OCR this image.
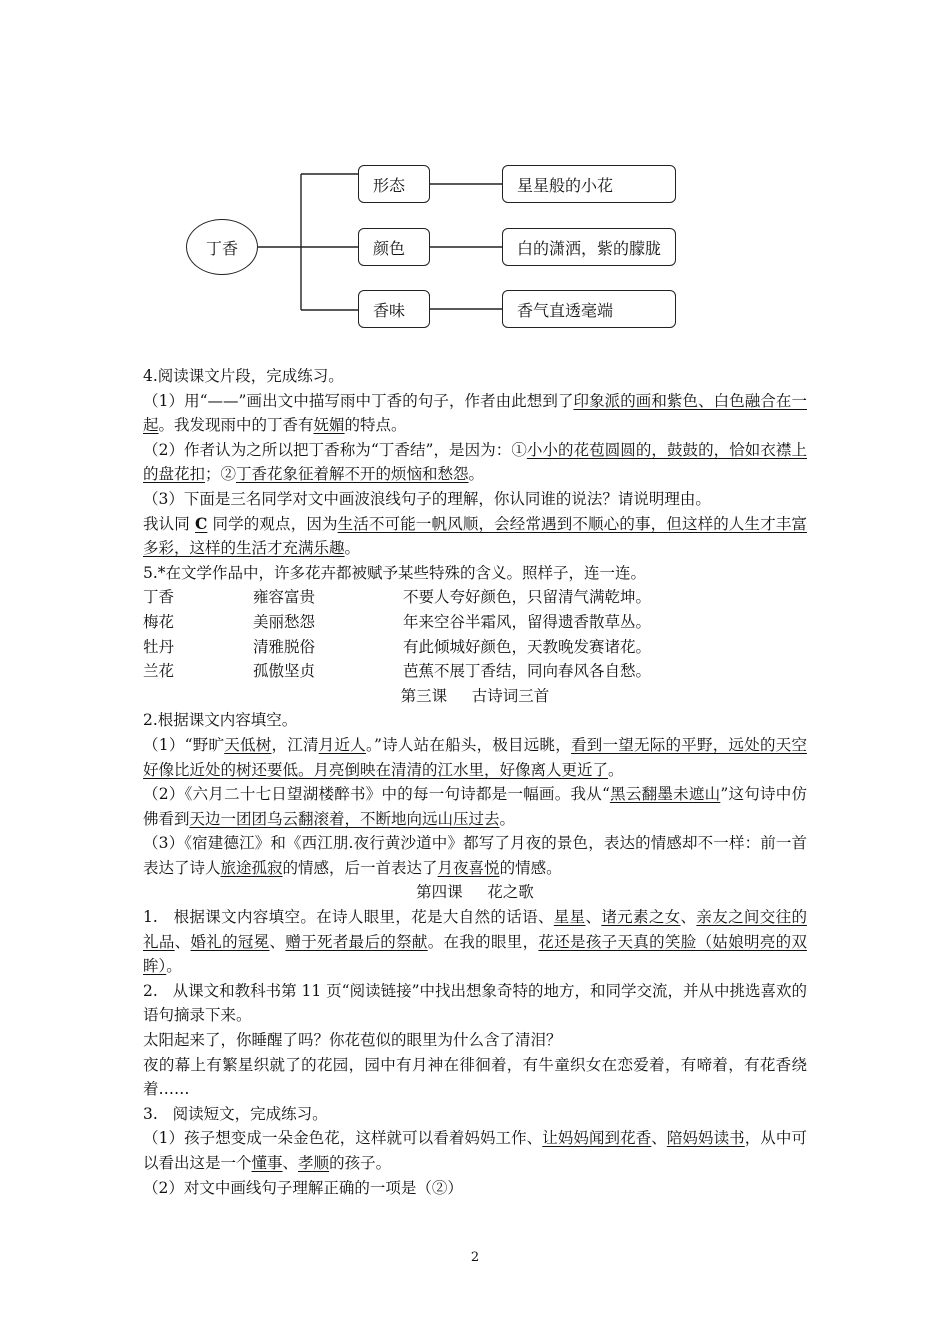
丁香
形态	星星般的小花
颜色	白的潇洒，紫的朦胧
香味	香气直透毫端
4.阅读课文片段，完成练习。
（1）用“——”画出文中描写雨中丁香的句子，作者由此想到了印象派的画和紫色、白色融合在一起。我发现雨中的丁香有妩媚的特点。
（2）作者认为之所以把丁香称为“丁香结”，是因为：①小小的花苞圆圆的，鼓鼓的，恰如衣襟上的盘花扣；②丁香花象征着解不开的烦恼和愁怨。
（3）下面是三名同学对文中画波浪线句子的理解，你认同谁的说法？请说明理由。
我认同 C 同学的观点，因为生活不可能一帆风顺，会经常遇到不顺心的事，但这样的人生才丰富多彩，这样的生活才充满乐趣。
5.*在文学作品中，许多花卉都被赋予某些特殊的含义。照样子，连一连。
丁香	雍容富贵	不要人夸好颜色，只留清气满乾坤。
梅花	美丽愁怨	年来空谷半霜风，留得遗香散草丛。
牡丹	清雅脱俗	有此倾城好颜色，天教晚发赛诸花。
兰花	孤傲坚贞	芭蕉不展丁香结，同向春风各自愁。
第三课     古诗词三首
2.根据课文内容填空。
（1）“野旷天低树，江清月近人。”诗人站在船头，极目远眺，看到一望无际的平野，远处的天空好像比近处的树还要低。月亮倒映在清清的江水里，好像离人更近了。
（2）《六月二十七日望湖楼醉书》中的每一句诗都是一幅画。我从“黑云翻墨未遮山”这句诗中仿佛看到天边一团团乌云翻滚着，不断地向远山压过去。
（3）《宿建德江》和《西江朋.夜行黄沙道中》都写了月夜的景色，表达的情感却不一样：前一首表达了诗人旅途孤寂的情感，后一首表达了月夜喜悦的情感。
第四课     花之歌
1.   根据课文内容填空。在诗人眼里，花是大自然的话语、星星、诸元素之女、亲友之间交往的礼品、婚礼的冠冕、赠于死者最后的祭献。在我的眼里，花还是孩子天真的笑脸（姑娘明亮的双眸）。
2.   从课文和教科书第 11 页“阅读链接”中找出想象奇特的地方，和同学交流，并从中挑选喜欢的语句摘录下来。
太阳起来了，你睡醒了吗？你花苞似的眼里为什么含了清泪？
夜的幕上有繁星织就了的花园，园中有月神在徘徊着，有牛童织女在恋爱着，有啼着，有花香绕着……
3.   阅读短文，完成练习。
（1）孩子想变成一朵金色花，这样就可以看着妈妈工作、让妈妈闻到花香、陪妈妈读书，从中可以看出这是一个懂事、孝顺的孩子。
（2）对文中画线句子理解正确的一项是（②）
2
